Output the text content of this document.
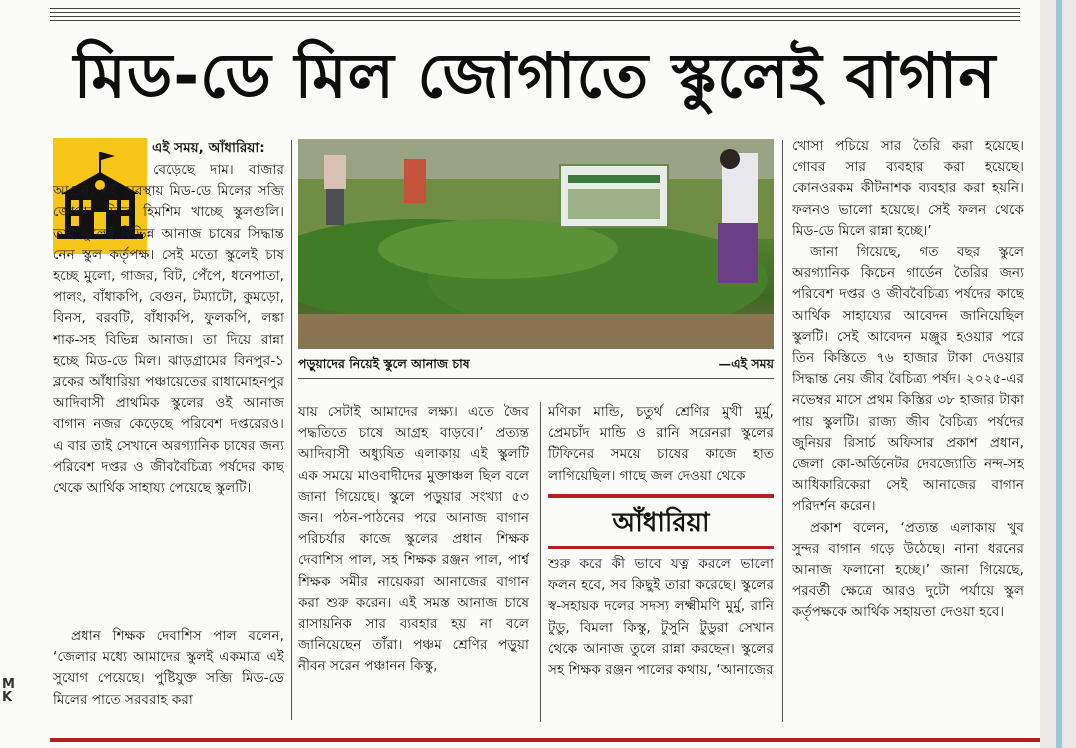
মিড-ডে মিল জোগাতে স্কুলেই বাগান

এই সময়, আঁধারিয়া:

বেড়েছে দাম। বাজার আগুন। এই অবস্থায় মিড-ডে মিলের সব্জি জোগান দিতে হিমশিম খাচ্ছে স্কুলগুলি। তাই স্কুলেই বিভিন্ন আনাজ চাষের সিদ্ধান্ত নেন স্কুল কর্তৃপক্ষ। সেই মতো স্কুলেই চাষ হচ্ছে মুলো, গাজর, বিট, পেঁপে, ধনেপাতা, পালং, বাঁধাকপি, বেগুন, টম্যাটো, কুমড়ো, বিনস, বরবটি, বাঁধাকপি, ফুলকপি, লঙ্কা শাক-সহ বিভিন্ন আনাজ। তা দিয়ে রান্না হচ্ছে মিড-ডে মিল। ঝাড়গ্রামের বিনপুর-১ ব্লকের আঁধারিয়া পঞ্চায়েতের রাধামোহনপুর আদিবাসী প্রাথমিক স্কুলের ওই আনাজ বাগান নজর কেড়েছে পরিবেশ দপ্তরেরও। এ বার তাই সেখানে অরগ্যানিক চাষের জন্য পরিবেশ দপ্তর ও জীববৈচিত্র্য পর্ষদের কাছ থেকে আর্থিক সাহায্য পেয়েছে স্কুলটি।

প্রধান শিক্ষক দেবাশিস পাল বলেন, ‘জেলার মধ্যে আমাদের স্কুলই একমাত্র এই সুযোগ পেয়েছে। পুষ্টিযুক্ত সব্জি মিড-ডে মিলের পাতে সরবরাহ করা

পড়ুয়াদের নিয়েই স্কুলে আনাজ চাষ	—এই সময়

যায় সেটাই আমাদের লক্ষ্য। এতে জৈব পদ্ধতিতে চাষে আগ্রহ বাড়বে।’ প্রত্যন্ত আদিবাসী অধ্যুষিত এলাকায় এই স্কুলটি এক সময়ে মাওবাদীদের মুক্তাঞ্চল ছিল বলে জানা গিয়েছে। স্কুলে পড়ুয়ার সংখ্যা ৫৩ জন। পঠন-পাঠনের পরে আনাজ বাগান পরিচর্যার কাজে স্কুলের প্রধান শিক্ষক দেবাশিস পাল, সহ শিক্ষক রঞ্জন পাল, পার্শ্ব শিক্ষক সমীর নায়েকরা আনাজের বাগান করা শুরু করেন। এই সমস্ত আনাজ চাষে রাসায়নিক সার ব্যবহার হয় না বলে জানিয়েছেন তাঁরা। পঞ্চম শ্রেণির পড়ুয়া নীবন সরেন পঞ্চানন কিস্কু,

মণিকা মান্ডি, চতুর্থ শ্রেণির মুখী মুর্মু, প্রেমচাঁদ মান্ডি ও রানি সরেনরা স্কুলের টিফিনের সময়ে চাষের কাজে হাত লাগিয়েছিল। গাছে জল দেওয়া থেকে

আঁধারিয়া

শুরু করে কী ভাবে যত্ন করলে ভালো ফলন হবে, সব কিছুই তারা করেছে। স্কুলের স্ব-সহায়ক দলের সদস্য লক্ষ্মীমণি মুর্মু, রানি টুডু, বিমলা কিস্কু, টুসুনি টুডুরা সেখান থেকে আনাজ তুলে রান্না করছেন। স্কুলের সহ শিক্ষক রঞ্জন পালের কথায়, ‘আনাজের

খোসা পচিয়ে সার তৈরি করা হয়েছে। গোবর সার ব্যবহার করা হয়েছে। কোনওরকম কীটনাশক ব্যবহার করা হয়নি। ফলনও ভালো হয়েছে। সেই ফলন থেকে মিড-ডে মিলে রান্না হচ্ছে।’

জানা গিয়েছে, গত বছর স্কুলে অরগ্যানিক কিচেন গার্ডেন তৈরির জন্য পরিবেশ দপ্তর ও জীববৈচিত্র্য পর্ষদের কাছে আর্থিক সাহায্যের আবেদন জানিয়েছিল স্কুলটি। সেই আবেদন মঞ্জুর হওয়ার পরে তিন কিস্তিতে ৭৬ হাজার টাকা দেওয়ার সিদ্ধান্ত নেয় জীব বৈচিত্র্য পর্ষদ। ২০২৫-এর নভেম্বর মাসে প্রথম কিস্তির ৩৮ হাজার টাকা পায় স্কুলটি। রাজ্য জীব বৈচিত্র্য পর্ষদের জুনিয়র রিসার্চ অফিসার প্রকাশ প্রধান, জেলা কো-অর্ডিনেটর দেবজ্যোতি নন্দ-সহ আধিকারিকেরা সেই আনাজের বাগান পরিদর্শন করেন।

প্রকাশ বলেন, ‘প্রত্যন্ত এলাকায় খুব সুন্দর বাগান গড়ে উঠেছে। নানা ধরনের আনাজ ফলানো হচ্ছে।’ জানা গিয়েছে, পরবর্তী ক্ষেত্রে আরও দুটো পর্যায়ে স্কুল কর্তৃপক্ষকে আর্থিক সহায়তা দেওয়া হবে।

M
K
